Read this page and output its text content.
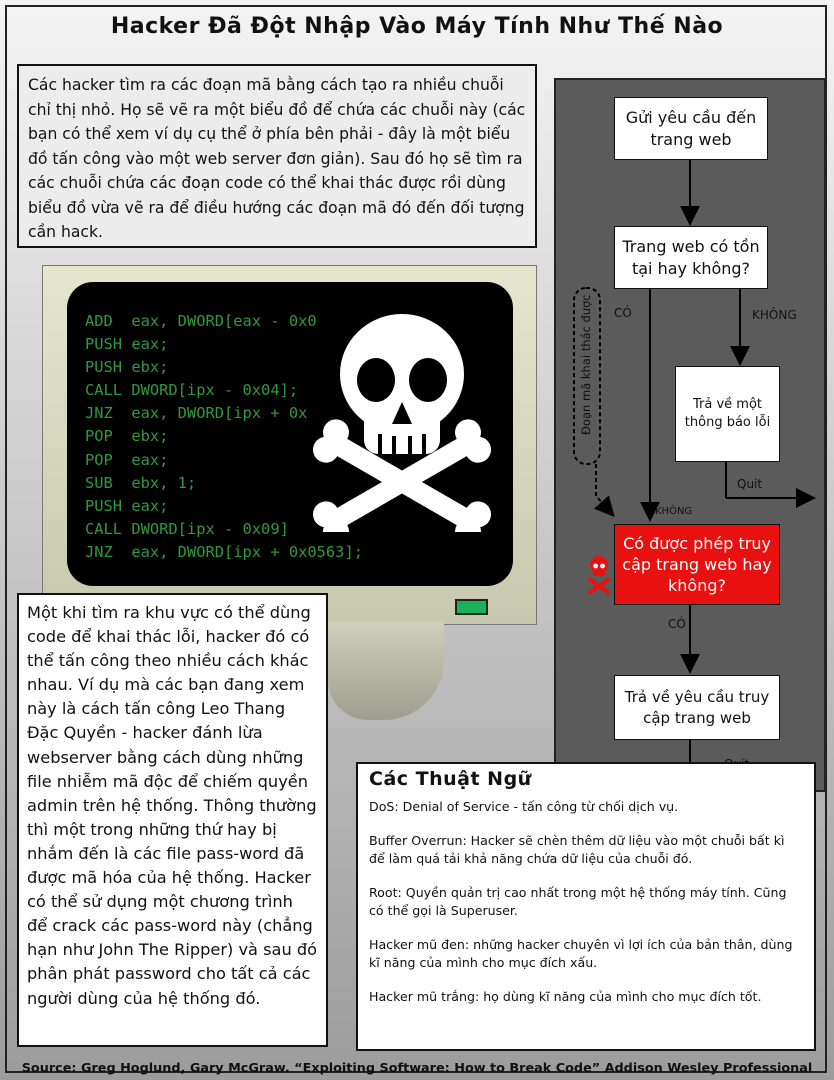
Hacker Đã Đột Nhập Vào Máy Tính Như Thế Nào
Các hacker tìm ra các đoạn mã bằng cách tạo ra nhiều chuỗi chỉ thị nhỏ. Họ sẽ vẽ ra một biểu đồ để chứa các chuỗi này (các bạn có thể xem ví dụ cụ thể ở phía bên phải - đây là một biểu đồ tấn công vào một web server đơn giản). Sau đó họ sẽ tìm ra các chuỗi chứa các đoạn code có thể khai thác được rồi dùng biểu đồ vừa vẽ ra để điều hướng các đoạn mã đó đến đối tượng cần hack.
ADD  eax, DWORD[eax - 0x0
PUSH eax;
PUSH ebx;
CALL DWORD[ipx - 0x04];
JNZ  eax, DWORD[ipx + 0x
POP  ebx;
POP  eax;
SUB  ebx, 1;
PUSH eax;
CALL DWORD[ipx - 0x09]
JNZ  eax, DWORD[ipx + 0x0563];
Gửi yêu cầu đến trang web
Trang web có tồn tại hay không?
Trả về một thông báo lỗi
Có được phép truy cập trang web hay không?
Trả về yêu cầu truy cập trang web
CÓ	KHÔNG
KHÔNG
Quit
CÓ
Đoạn mã khai thác được
Một khi tìm ra khu vực có thể dùng code để khai thác lỗi, hacker đó có thể tấn công theo nhiều cách khác nhau. Ví dụ mà các bạn đang xem này là cách tấn công Leo Thang Đặc Quyền - hacker đánh lừa webserver bằng cách dùng những file nhiễm mã độc để chiếm quyền admin trên hệ thống. Thông thường thì một trong những thứ hay bị nhắm đến là các file pass-word đã được mã hóa của hệ thống. Hacker có thể sử dụng một chương trình để crack các pass-word này (chẳng hạn như John The Ripper) và sau đó phân phát password cho tất cả các người dùng của hệ thống đó.
Các Thuật Ngữ

DoS: Denial of Service - tấn công từ chối dịch vụ.

Buffer Overrun: Hacker sẽ chèn thêm dữ liệu vào một chuỗi bất kì để làm quá tải khả năng chứa dữ liệu của chuỗi đó.

Root: Quyền quản trị cao nhất trong một hệ thống máy tính. Cũng có thể gọi là Superuser.

Hacker mũ đen: những hacker chuyên vì lợi ích của bản thân, dùng kĩ năng của mình cho mục đích xấu.

Hacker mũ trắng: họ dùng kĩ năng của mình cho mục đích tốt.

Source: Greg Hoglund, Gary McGraw. “Exploiting Software: How to Break Code” Addison Wesley Professional
